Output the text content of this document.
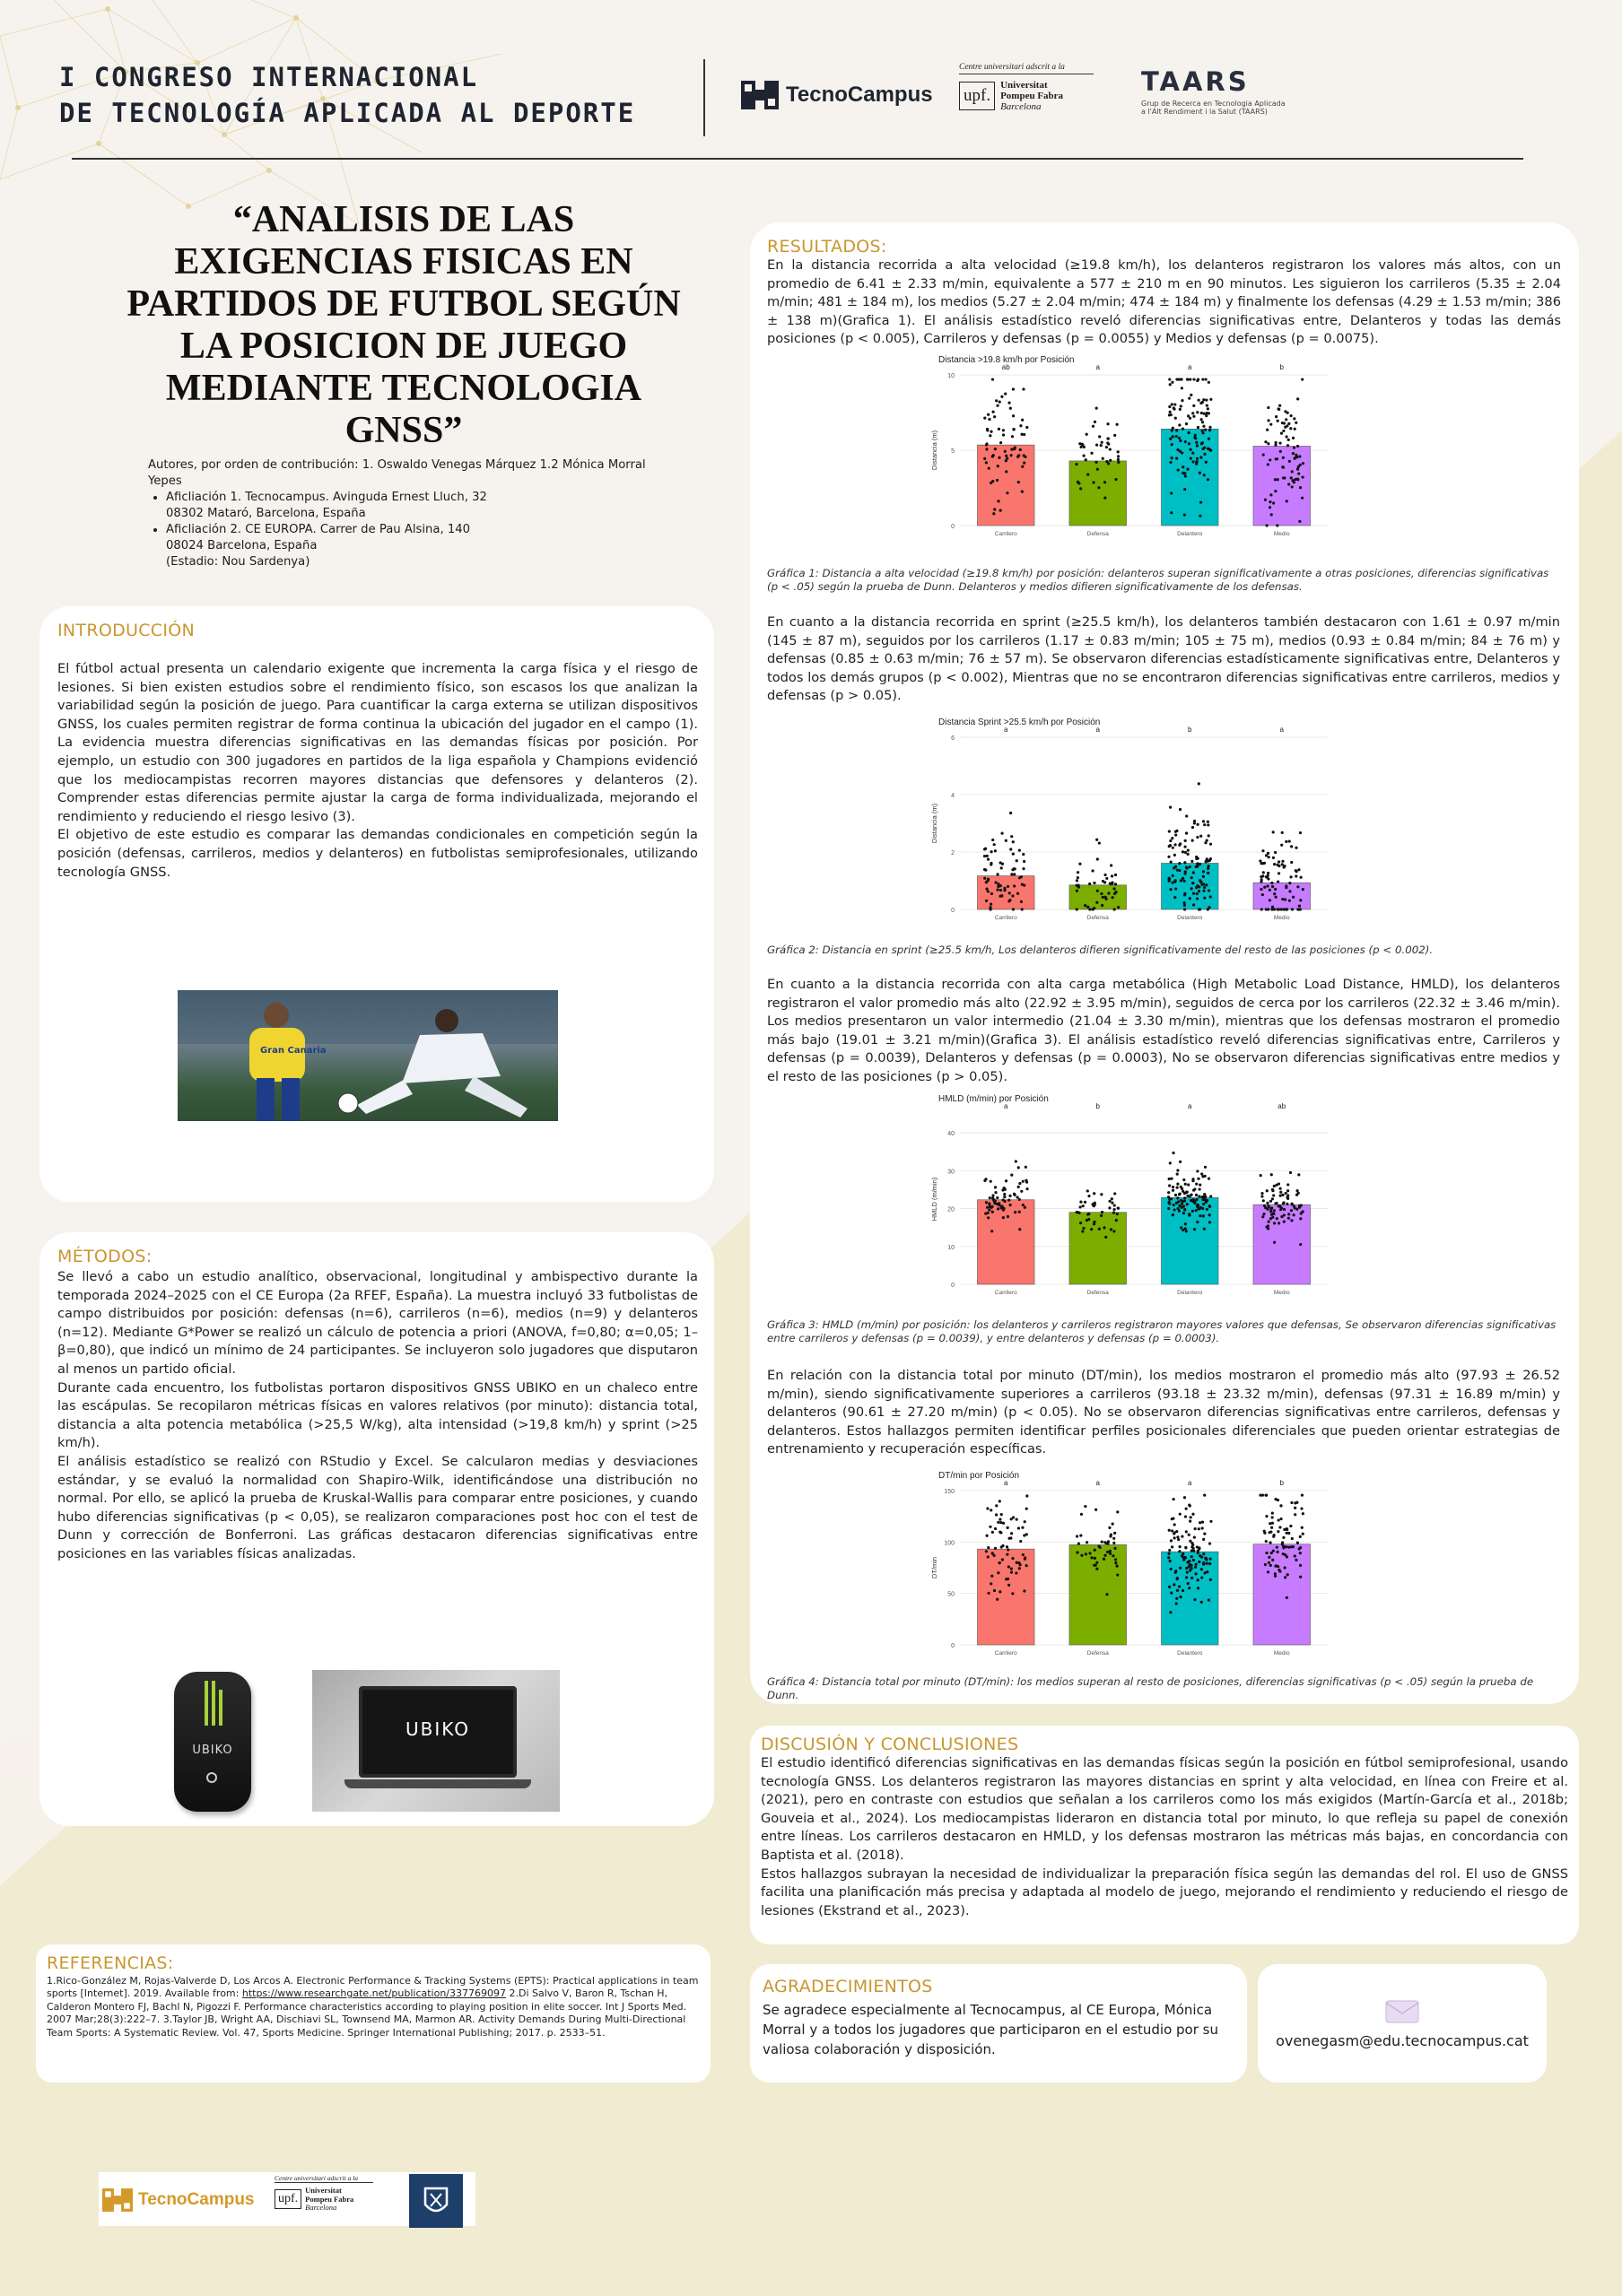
I CONGRESO INTERNACIONAL
DE TECNOLOGÍA APLICADA AL DEPORTE
TecnoCampus
Centre universitari adscrit a la
upf.
Universitat
Pompeu Fabra
Barcelona
TAARS
Grup de Recerca en Tecnologia Aplicada
a l'Alt Rendiment i la Salut (TAARS)
“ANALISIS DE LAS
EXIGENCIAS FISICAS EN
PARTIDOS DE FUTBOL SEGÚN
LA POSICION DE JUEGO
MEDIANTE TECNOLOGIA
GNSS”
Autores, por orden de contribución: 1. Oswaldo Venegas Márquez 1.2 Mónica Morral Yepes
• Aficliación 1. Tecnocampus. Avinguda Ernest Lluch, 32
08302 Mataró, Barcelona, España
• Aficliación 2. CE EUROPA. Carrer de Pau Alsina, 140
08024 Barcelona, España
(Estadio: Nou Sardenya)
INTRODUCCIÓN

El fútbol actual presenta un calendario exigente que incrementa la carga física y el riesgo de lesiones. Si bien existen estudios sobre el rendimiento físico, son escasos los que analizan la variabilidad según la posición de juego. Para cuantificar la carga externa se utilizan dispositivos GNSS, los cuales permiten registrar de forma continua la ubicación del jugador en el campo (1). La evidencia muestra diferencias significativas en las demandas físicas por posición. Por ejemplo, un estudio con 300 jugadores en partidos de la liga española y Champions evidenció que los mediocampistas recorren mayores distancias que defensores y delanteros (2). Comprender estas diferencias permite ajustar la carga de forma individualizada, mejorando el rendimiento y reduciendo el riesgo lesivo (3).

El objetivo de este estudio es comparar las demandas condicionales en competición según la posición (defensas, carrileros, medios y delanteros) en futbolistas semiprofesionales, utilizando tecnología GNSS.

Gran Canaria
MÉTODOS:

Se llevó a cabo un estudio analítico, observacional, longitudinal y ambispectivo durante la temporada 2024–2025 con el CE Europa (2a RFEF, España). La muestra incluyó 33 futbolistas de campo distribuidos por posición: defensas (n=6), carrileros (n=6), medios (n=9) y delanteros (n=12). Mediante G*Power se realizó un cálculo de potencia a priori (ANOVA, f=0,80; α=0,05; 1–β=0,80), que indicó un mínimo de 24 participantes. Se incluyeron solo jugadores que disputaron al menos un partido oficial.

Durante cada encuentro, los futbolistas portaron dispositivos GNSS UBIKO en un chaleco entre las escápulas. Se recopilaron métricas físicas en valores relativos (por minuto): distancia total, distancia a alta potencia metabólica (>25,5 W/kg), alta intensidad (>19,8 km/h) y sprint (>25 km/h).

El análisis estadístico se realizó con RStudio y Excel. Se calcularon medias y desviaciones estándar, y se evaluó la normalidad con Shapiro-Wilk, identificándose una distribución no normal. Por ello, se aplicó la prueba de Kruskal-Wallis para comparar entre posiciones, y cuando hubo diferencias significativas (p < 0,05), se realizaron comparaciones post hoc con el test de Dunn y corrección de Bonferroni. Las gráficas destacaron diferencias significativas entre posiciones en las variables físicas analizadas.

UBIKO
UBIKO
RESULTADOS:
En la distancia recorrida a alta velocidad (≥19.8 km/h), los delanteros registraron los valores más altos, con un promedio de 6.41 ± 2.33 m/min, equivalente a 577 ± 210 m en 90 minutos. Les siguieron los carrileros (5.35 ± 2.04 m/min; 481 ± 184 m), los medios (5.27 ± 2.04 m/min; 474 ± 184 m) y finalmente los defensas (4.29 ± 1.53 m/min; 386 ± 138 m)(Grafica 1). El análisis estadístico reveló diferencias significativas entre, Delanteros y todas las demás posiciones (p < 0.005), Carrileros y defensas (p = 0.0055) y Medios y defensas (p = 0.0075).
Distancia >19.8 km/h por Posición
0
5
10
Distancia (m)
ab
Carrilero
a
Defensa
a
Delantero
b
Medio
Gráfica 1: Distancia a alta velocidad (≥19.8 km/h) por posición: delanteros superan significativamente a otras posiciones, diferencias significativas (p < .05) según la prueba de Dunn. Delanteros y medios difieren significativamente de los defensas.
En cuanto a la distancia recorrida en sprint (≥25.5 km/h), los delanteros también destacaron con 1.61 ± 0.97 m/min (145 ± 87 m), seguidos por los carrileros (1.17 ± 0.83 m/min; 105 ± 75 m), medios (0.93 ± 0.84 m/min; 84 ± 76 m) y defensas (0.85 ± 0.63 m/min; 76 ± 57 m). Se observaron diferencias estadísticamente significativas entre, Delanteros y todos los demás grupos (p < 0.002), Mientras que no se encontraron diferencias significativas entre carrileros, medios y defensas (p > 0.05).
Distancia Sprint >25.5 km/h por Posición
0
2
4
6
Distancia (m)
a
Carrilero
a
Defensa
b
Delantero
a
Medio
Gráfica 2: Distancia en sprint (≥25.5 km/h, Los delanteros difieren significativamente del resto de las posiciones (p < 0.002).
En cuanto a la distancia recorrida con alta carga metabólica (High Metabolic Load Distance, HMLD), los delanteros registraron el valor promedio más alto (22.92 ± 3.95 m/min), seguidos de cerca por los carrileros (22.32 ± 3.46 m/min). Los medios presentaron un valor intermedio (21.04 ± 3.30 m/min), mientras que los defensas mostraron el promedio más bajo (19.01 ± 3.21 m/min)(Grafica 3). El análisis estadístico reveló diferencias significativas entre, Carrileros y defensas (p = 0.0039), Delanteros y defensas (p = 0.0003), No se observaron diferencias significativas entre medios y el resto de las posiciones (p > 0.05).
HMLD (m/min) por Posición
0
10
20
30
40
HMLD (m/min)
a
Carrilero
b
Defensa
a
Delantero
ab
Medio
Gráfica 3: HMLD (m/min) por posición: los delanteros y carrileros registraron mayores valores que defensas, Se observaron diferencias significativas entre carrileros y defensas (p = 0.0039), y entre delanteros y defensas (p = 0.0003).
En relación con la distancia total por minuto (DT/min), los medios mostraron el promedio más alto (97.93 ± 26.52 m/min), siendo significativamente superiores a carrileros (93.18 ± 23.32 m/min), defensas (97.31 ± 16.89 m/min) y delanteros (90.61 ± 27.20 m/min) (p < 0.05). No se observaron diferencias significativas entre carrileros, defensas y delanteros. Estos hallazgos permiten identificar perfiles posicionales diferenciales que pueden orientar estrategias de entrenamiento y recuperación específicas.
DT/min por Posición
0
50
100
150
DT/min
a
Carrilero
a
Defensa
a
Delantero
b
Medio
Gráfica 4: Distancia total por minuto (DT/min): los medios superan al resto de posiciones, diferencias significativas (p < .05) según la prueba de Dunn.
DISCUSIÓN Y CONCLUSIONES

El estudio identificó diferencias significativas en las demandas físicas según la posición en fútbol semiprofesional, usando tecnología GNSS. Los delanteros registraron las mayores distancias en sprint y alta velocidad, en línea con Freire et al. (2021), pero en contraste con estudios que señalan a los carrileros como los más exigidos (Martín-García et al., 2018b; Gouveia et al., 2024). Los mediocampistas lideraron en distancia total por minuto, lo que refleja su papel de conexión entre líneas. Los carrileros destacaron en HMLD, y los defensas mostraron las métricas más bajas, en concordancia con Baptista et al. (2018).

Estos hallazgos subrayan la necesidad de individualizar la preparación física según las demandas del rol. El uso de GNSS facilita una planificación más precisa y adaptada al modelo de juego, mejorando el rendimiento y reduciendo el riesgo de lesiones (Ekstrand et al., 2023).

REFERENCIAS:
1.Rico-González M, Rojas-Valverde D, Los Arcos A. Electronic Performance & Tracking Systems (EPTS): Practical applications in team sports [Internet]. 2019. Available from: https://www.researchgate.net/publication/337769097 2.Di Salvo V, Baron R, Tschan H, Calderon Montero FJ, Bachl N, Pigozzi F. Performance characteristics according to playing position in elite soccer. Int J Sports Med. 2007 Mar;28(3):222–7. 3.Taylor JB, Wright AA, Dischiavi SL, Townsend MA, Marmon AR. Activity Demands During Multi-Directional Team Sports: A Systematic Review. Vol. 47, Sports Medicine. Springer International Publishing; 2017. p. 2533–51.
AGRADECIMIENTOS
Se agradece especialmente al Tecnocampus, al CE Europa, Mónica Morral y a todos los jugadores que participaron en el estudio por su valiosa colaboración y disposición.	ovenegasm@edu.tecnocampus.cat
TecnoCampus
Centre universitari adscrit a la
upf.
Universitat
Pompeu Fabra
Barcelona
